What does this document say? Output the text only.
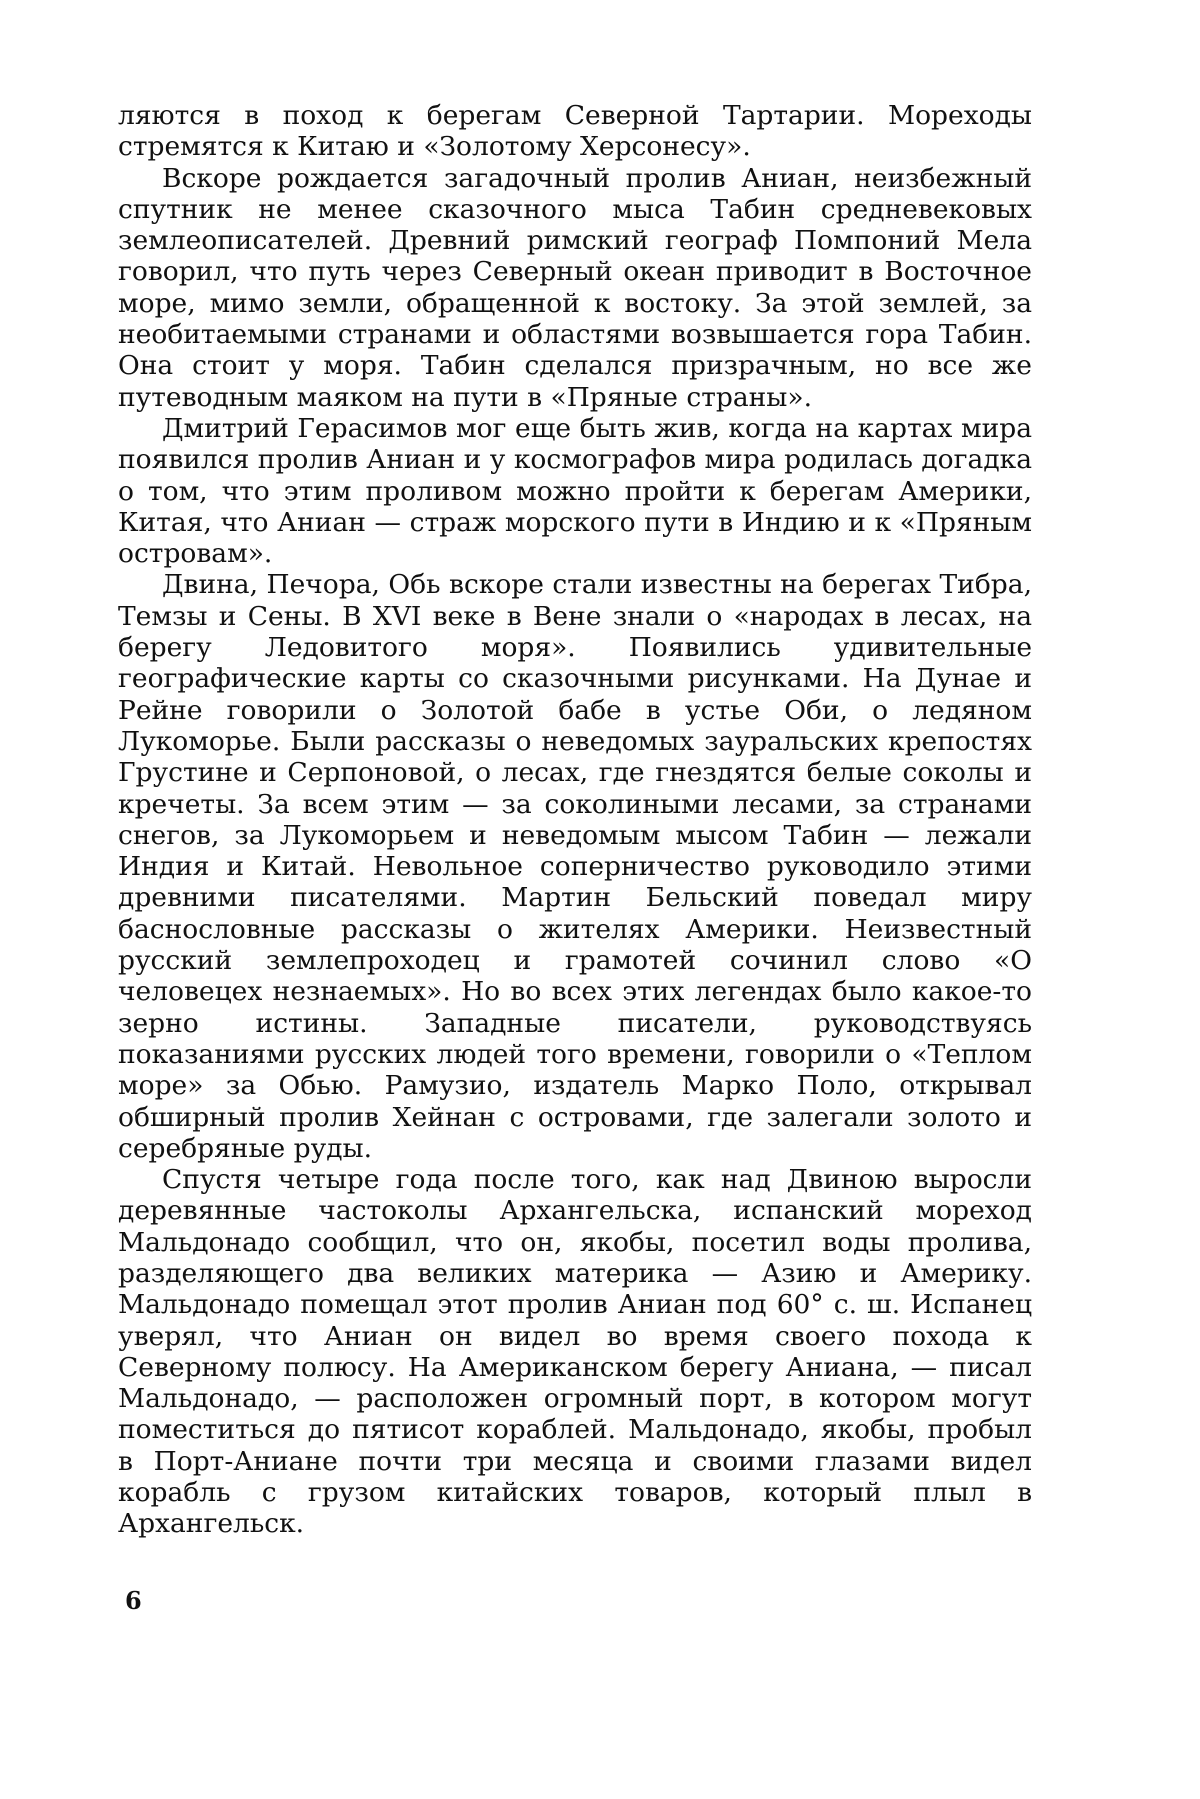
ляются в поход к берегам Северной Тартарии. Мореходы стремятся к Китаю и «Золотому Херсонесу».

Вскоре рождается загадочный пролив Аниан, неизбежный спутник не менее сказочного мыса Табин средневековых землеописателей. Древний римский географ Помпоний Мела говорил, что путь через Северный океан приводит в Восточное море, мимо земли, обращенной к востоку. За этой землей, за необитаемыми странами и областями возвышается гора Табин. Она стоит у моря. Табин сделался призрачным, но все же путеводным маяком на пути в «Пряные страны».

Дмитрий Герасимов мог еще быть жив, когда на картах мира появился пролив Аниан и у космографов мира родилась догадка о том, что этим проливом можно пройти к берегам Америки, Китая, что Аниан — страж морского пути в Индию и к «Пряным островам».

Двина, Печора, Обь вскоре стали известны на берегах Тибра, Темзы и Сены. В XVI веке в Вене знали о «народах в лесах, на берегу Ледовитого моря». Появились удивительные географические карты со сказочными рисунками. На Дунае и Рейне говорили о Золотой бабе в устье Оби, о ледяном Лукоморье. Были рассказы о неведомых зауральских крепостях Грустине и Серпоновой, о лесах, где гнездятся белые соколы и кречеты. За всем этим — за соколиными лесами, за странами снегов, за Лукоморьем и неведомым мысом Табин — лежали Индия и Китай. Невольное соперничество руководило этими древними писателями. Мартин Бельский поведал миру баснословные рассказы о жителях Америки. Неизвестный русский землепроходец и грамотей сочинил слово «О человецех незнаемых». Но во всех этих легендах было какое-то зерно истины. Западные писатели, руководствуясь показаниями русских людей того времени, говорили о «Теплом море» за Обью. Рамузио, издатель Марко Поло, открывал обширный пролив Хейнан с островами, где залегали золото и серебряные руды.

Спустя четыре года после того, как над Двиною выросли деревянные частоколы Архангельска, испанский мореход Мальдонадо сообщил, что он, якобы, посетил воды пролива, разделяющего два великих материка — Азию и Америку. Мальдонадо помещал этот пролив Аниан под 60° с. ш. Испанец уверял, что Аниан он видел во время своего похода к Северному полюсу. На Американском берегу Аниана, — писал Мальдонадо, — расположен огромный порт, в котором могут поместиться до пятисот кораблей. Мальдонадо, якобы, пробыл в Порт-Аниане почти три месяца и своими глазами видел корабль с грузом китайских товаров, который плыл в Архангельск.

6
